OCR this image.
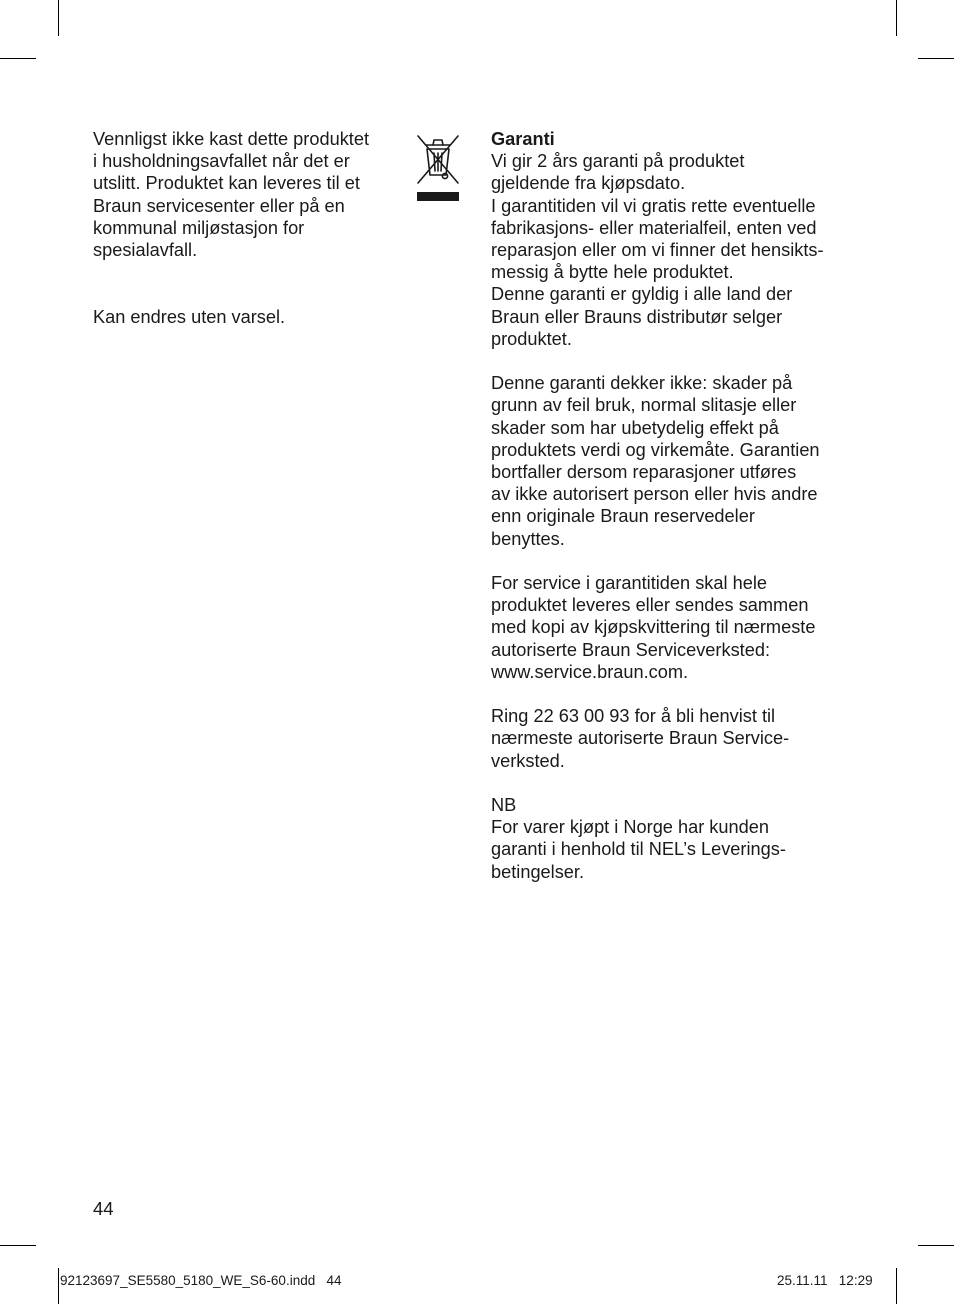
Vennligst ikke kast dette produktet
i husholdningsavfallet når det er
utslitt. Produktet kan leveres til et
Braun servicesenter eller på en
kommunal miljøstasjon for
spesialavfall.

Kan endres uten varsel.

Garanti

Vi gir 2 års garanti på produktet
gjeldende fra kjøpsdato.
I garantitiden vil vi gratis rette eventuelle
fabrikasjons- eller materialfeil, enten ved
reparasjon eller om vi finner det hensikts-
messig å bytte hele produktet.
Denne garanti er gyldig i alle land der
Braun eller Brauns distributør selger
produktet.

Denne garanti dekker ikke: skader på
grunn av feil bruk, normal slitasje eller
skader som har ubetydelig effekt på
produktets verdi og virkemåte. Garantien
bortfaller dersom reparasjoner utføres
av ikke autorisert person eller hvis andre
enn originale Braun reservedeler
benyttes.

For service i garantitiden skal hele
produktet leveres eller sendes sammen
med kopi av kjøpskvittering til nærmeste
autoriserte Braun Serviceverksted:
www.service.braun.com.

Ring 22 63 00 93 for å bli henvist til
nærmeste autoriserte Braun Service-
verksted.

NB

For varer kjøpt i Norge har kunden
garanti i henhold til NEL’s Leverings-
betingelser.

44
92123697_SE5580_5180_WE_S6-60.indd   44	25.11.11   12:29
